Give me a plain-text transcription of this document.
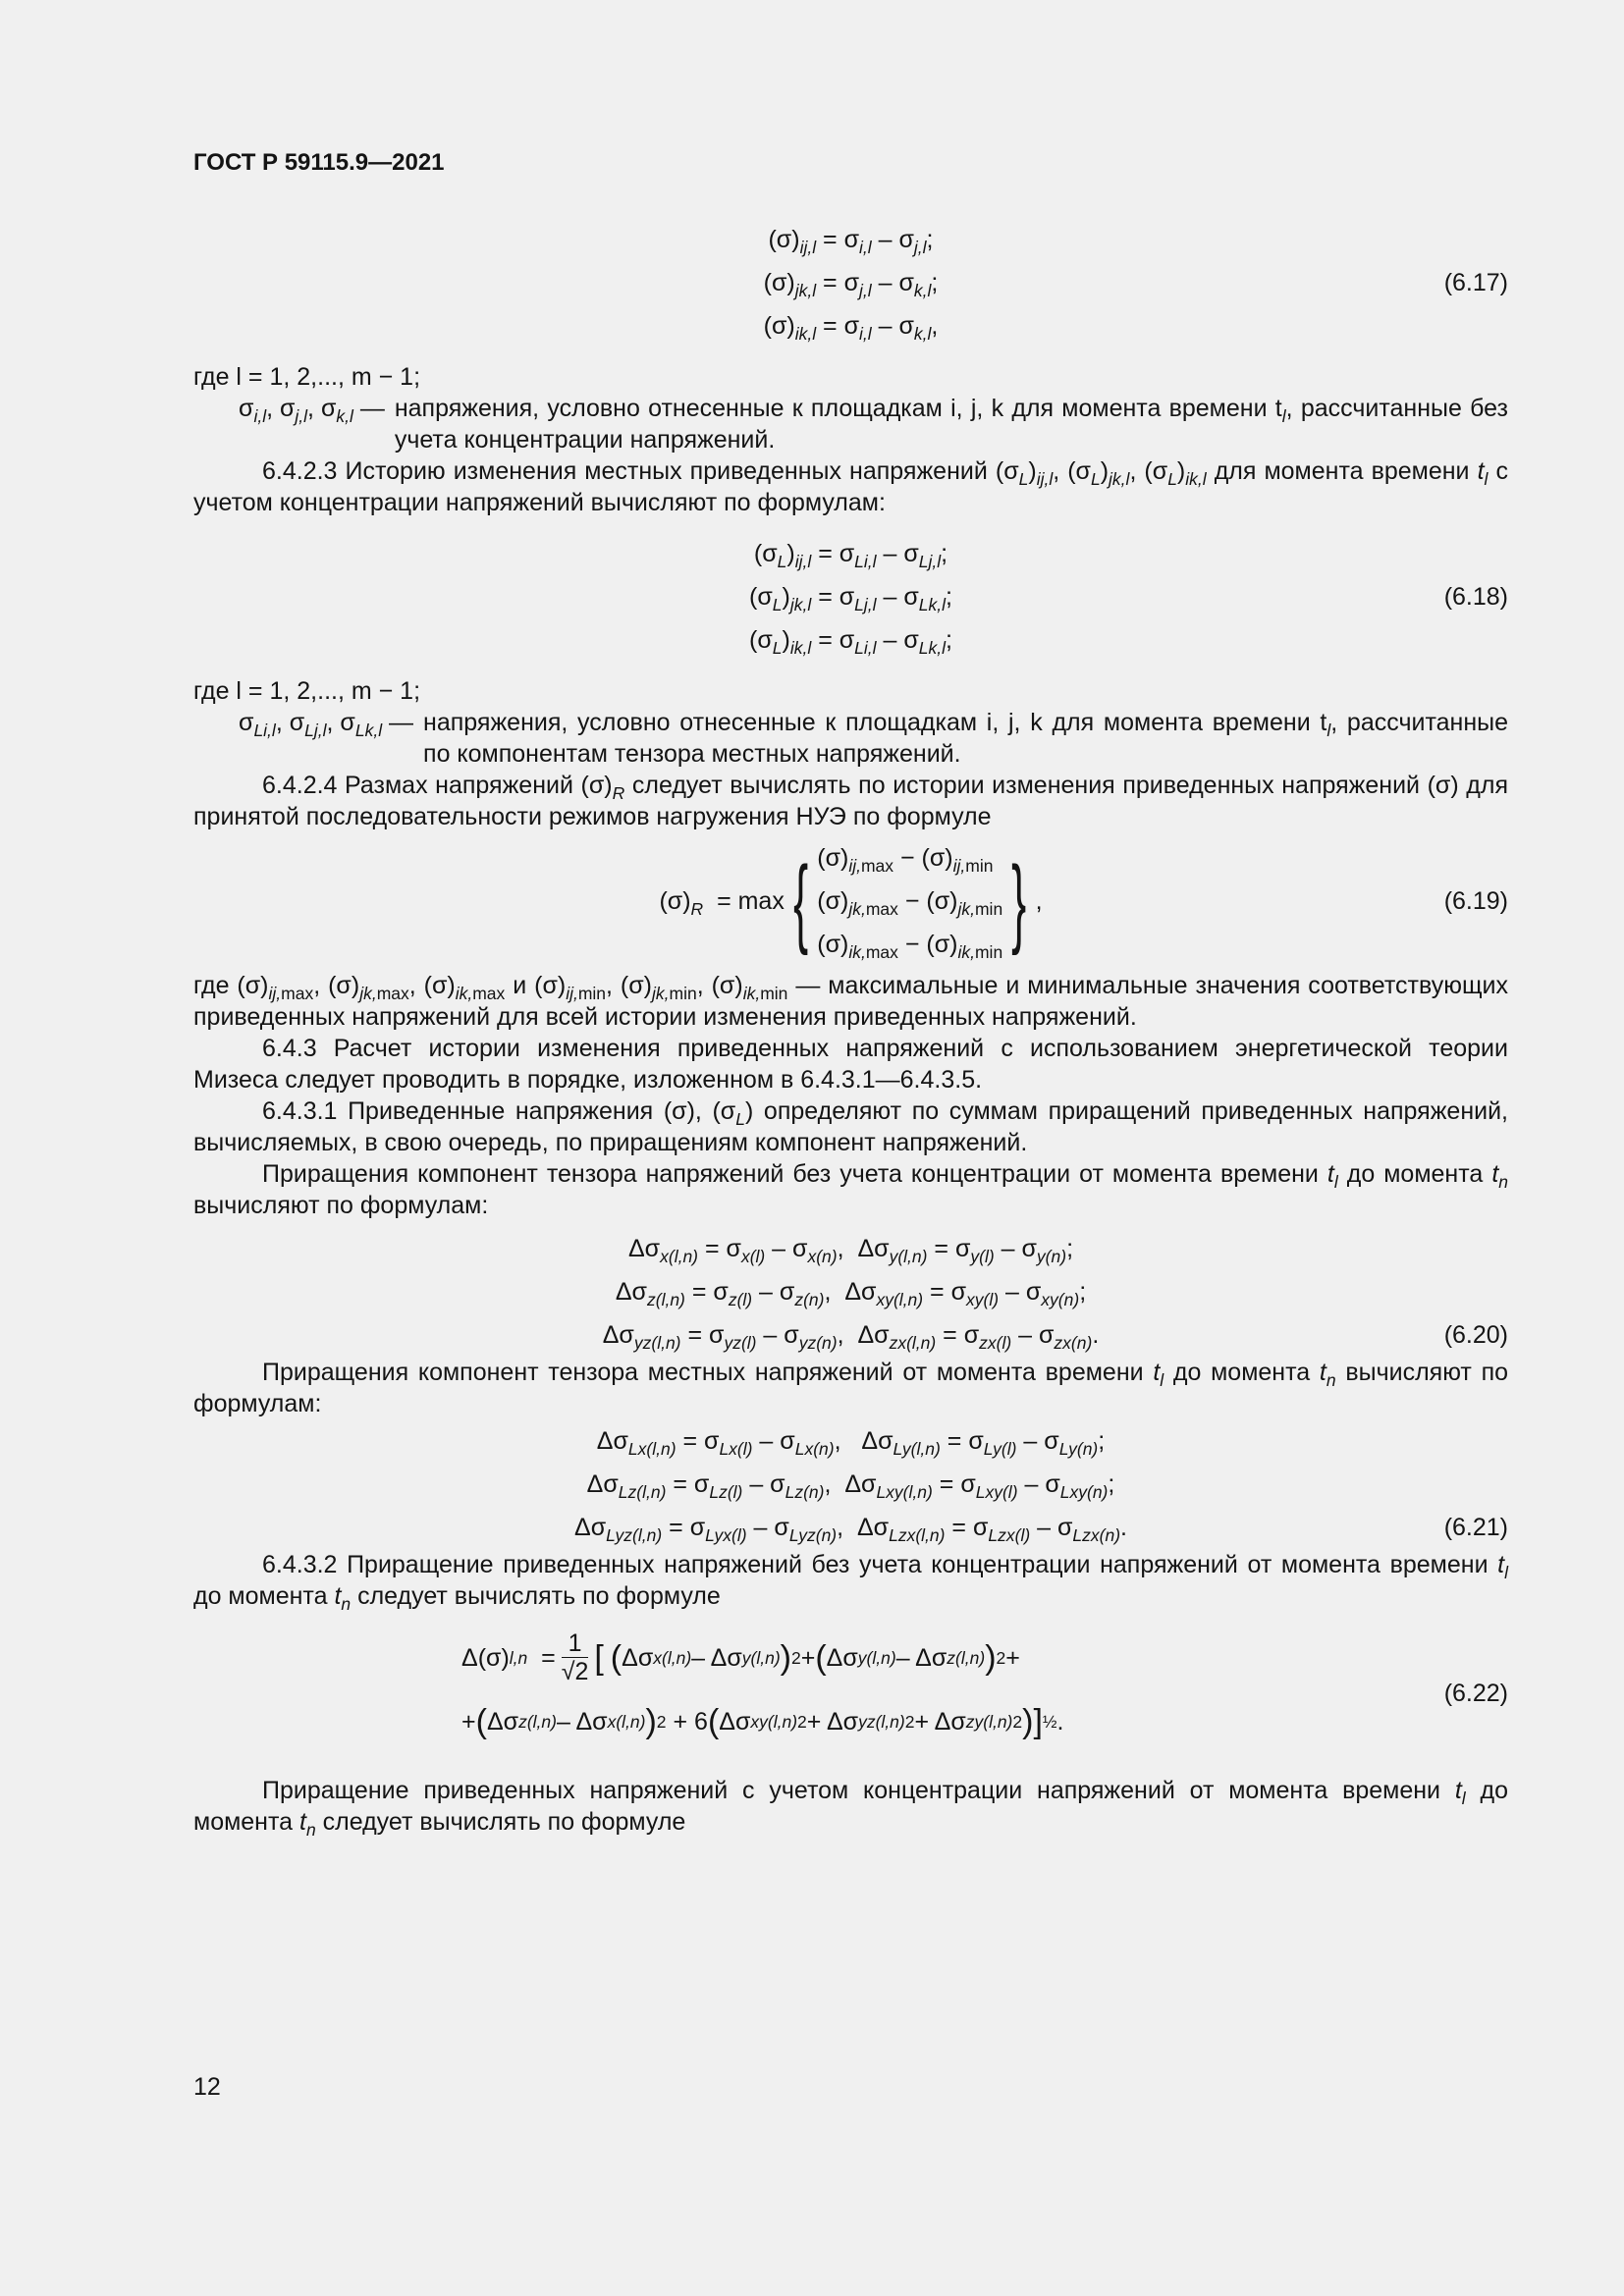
ГОСТ Р 59115.9—2021
$(\sigma)_{ij,l} = \sigma_{i,l} - \sigma_{j,l}$;
$(\sigma)_{jk,l} = \sigma_{j,l} - \sigma_{k,l}$;
$(\sigma)_{ik,l} = \sigma_{i,l} - \sigma_{k,l}$,
(6.17)
где l = 1, 2,..., m − 1;
$\sigma_{i,l}$, $\sigma_{j,l}$, $\sigma_{k,l}$ — напряжения, условно отнесенные к площадкам i, j, k для момента времени $t_l$, рассчитанные без учета концентрации напряжений.
6.4.2.3 Историю изменения местных приведенных напряжений $(\sigma_L)_{ij,l}$, $(\sigma_L)_{jk,l}$, $(\sigma_L)_{ik,l}$ для момента времени $t_l$ с учетом концентрации напряжений вычисляют по формулам:
$(\sigma_L)_{ij,l} = \sigma_{Li,l} - \sigma_{Lj,l}$;
$(\sigma_L)_{jk,l} = \sigma_{Lj,l} - \sigma_{Lk,l}$;
$(\sigma_L)_{ik,l} = \sigma_{Li,l} - \sigma_{Lk,l}$;
(6.18)
где l = 1, 2,..., m − 1;
$\sigma_{Li,l}$, $\sigma_{Lj,l}$, $\sigma_{Lk,l}$ — напряжения, условно отнесенные к площадкам i, j, k для момента времени $t_l$, рассчитанные по компонентам тензора местных напряжений.
6.4.2.4 Размах напряжений $(\sigma)_R$ следует вычислять по истории изменения приведенных напряжений (σ) для принятой последовательности режимов нагружения НУЭ по формуле
$(\sigma)_R = \max$ { $(\sigma)_{ij,max} - (\sigma)_{ij,min}$
$(\sigma)_{jk,max} - (\sigma)_{jk,min}$
$(\sigma)_{ik,max} - (\sigma)_{ik,min}$ } ,	(6.19)
где $(\sigma)_{ij,max}$, $(\sigma)_{jk,max}$, $(\sigma)_{ik,max}$ и $(\sigma)_{ij,min}$, $(\sigma)_{jk,min}$, $(\sigma)_{ik,min}$ — максимальные и минимальные значения соответствующих приведенных напряжений для всей истории изменения приведенных напряжений.
6.4.3 Расчет истории изменения приведенных напряжений с использованием энергетической теории Мизеса следует проводить в порядке, изложенном в 6.4.3.1—6.4.3.5.
6.4.3.1 Приведенные напряжения (σ), $(\sigma_L)$ определяют по суммам приращений приведенных напряжений, вычисляемых, в свою очередь, по приращениям компонент напряжений.
Приращения компонент тензора напряжений без учета концентрации от момента времени $t_l$ до момента $t_n$ вычисляют по формулам:
$\Delta\sigma_{x(l,n)} = \sigma_{x(l)} - \sigma_{x(n)}$,  $\Delta\sigma_{y(l,n)} = \sigma_{y(l)} - \sigma_{y(n)}$;
$\Delta\sigma_{z(l,n)} = \sigma_{z(l)} - \sigma_{z(n)}$,  $\Delta\sigma_{xy(l,n)} = \sigma_{xy(l)} - \sigma_{xy(n)}$;
$\Delta\sigma_{yz(l,n)} = \sigma_{yz(l)} - \sigma_{yz(n)}$,  $\Delta\sigma_{zx(l,n)} = \sigma_{zx(l)} - \sigma_{zx(n)}$.	(6.20)
Приращения компонент тензора местных напряжений от момента времени $t_l$ до момента $t_n$ вычисляют по формулам:
$\Delta\sigma_{Lx(l,n)} = \sigma_{Lx(l)} - \sigma_{Lx(n)}$,   $\Delta\sigma_{Ly(l,n)} = \sigma_{Ly(l)} - \sigma_{Ly(n)}$;
$\Delta\sigma_{Lz(l,n)} = \sigma_{Lz(l)} - \sigma_{Lz(n)}$,  $\Delta\sigma_{Lxy(l,n)} = \sigma_{Lxy(l)} - \sigma_{Lxy(n)}$;
$\Delta\sigma_{Lyz(l,n)} = \sigma_{Lyx(l)} - \sigma_{Lyz(n)}$,  $\Delta\sigma_{Lzx(l,n)} = \sigma_{Lzx(l)} - \sigma_{Lzx(n)}$.	(6.21)
6.4.3.2 Приращение приведенных напряжений без учета концентрации напряжений от момента времени $t_l$ до момента $t_n$ следует вычислять по формуле
Δ(σ) l,n =
1
√2 [
( Δσ x(l,n) – Δσ y(l,n) ) 2 + ( Δσ y(l,n) – Δσ z(l,n) ) 2 +
+ ( Δσ z(l,n) – Δσ x(l,n) ) 2 + 6 ( Δσ xy(l,n) 2 + Δσ yz(l,n) 2 + Δσ zy(l,n) 2 ) ] ½ .
(6.22)
Приращение приведенных напряжений с учетом концентрации напряжений от момента времени $t_l$ до момента $t_n$ следует вычислять по формуле
12
